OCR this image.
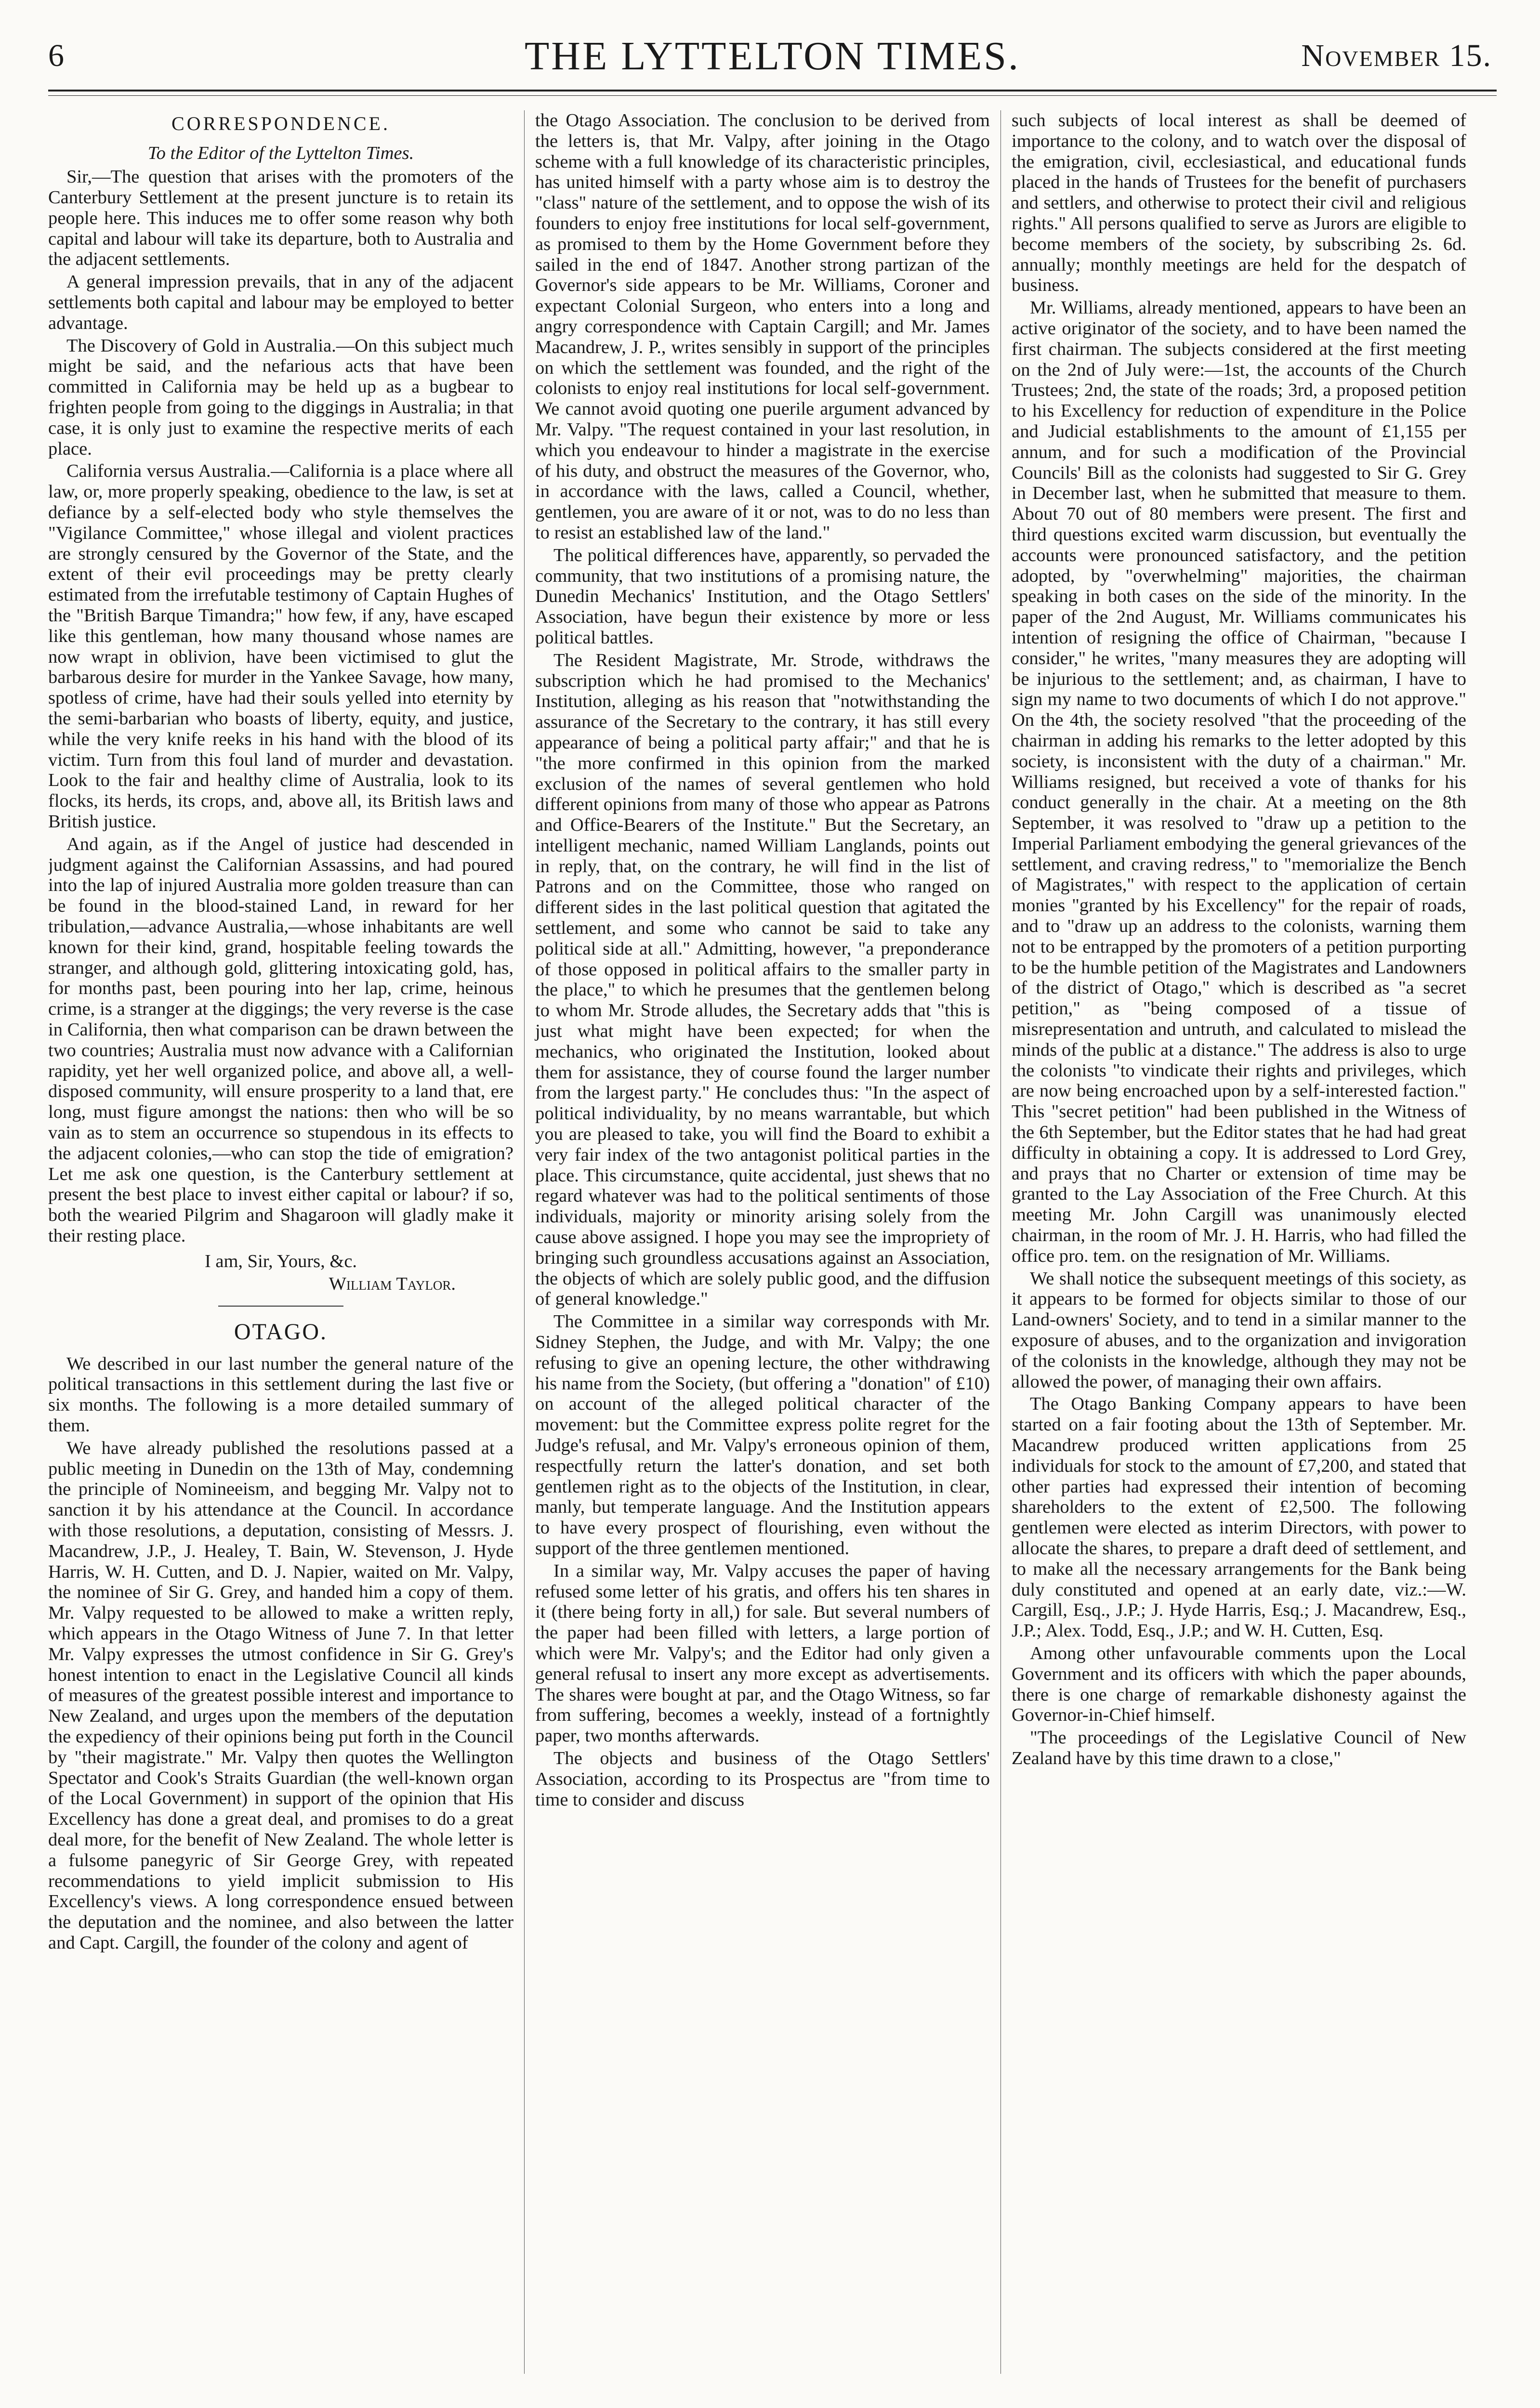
6	THE LYTTELTON TIMES.	November 15.
CORRESPONDENCE.
To the Editor of the Lyttelton Times.

Sir,—The question that arises with the promoters of the Canterbury Settlement at the present juncture is to retain its people here. This induces me to offer some reason why both capital and labour will take its departure, both to Australia and the adjacent settlements.

A general impression prevails, that in any of the adjacent settlements both capital and labour may be employed to better advantage.

The Discovery of Gold in Australia.—On this subject much might be said, and the nefarious acts that have been committed in California may be held up as a bugbear to frighten people from going to the diggings in Australia; in that case, it is only just to examine the respective merits of each place.

California versus Australia.—California is a place where all law, or, more properly speaking, obedience to the law, is set at defiance by a self-elected body who style themselves the "Vigilance Committee," whose illegal and violent practices are strongly censured by the Governor of the State, and the extent of their evil proceedings may be pretty clearly estimated from the irrefutable testimony of Captain Hughes of the "British Barque Timandra;" how few, if any, have escaped like this gentleman, how many thousand whose names are now wrapt in oblivion, have been victimised to glut the barbarous desire for murder in the Yankee Savage, how many, spotless of crime, have had their souls yelled into eternity by the semi-barbarian who boasts of liberty, equity, and justice, while the very knife reeks in his hand with the blood of its victim. Turn from this foul land of murder and devastation. Look to the fair and healthy clime of Australia, look to its flocks, its herds, its crops, and, above all, its British laws and British justice.

And again, as if the Angel of justice had descended in judgment against the Californian Assassins, and had poured into the lap of injured Australia more golden treasure than can be found in the blood-stained Land, in reward for her tribulation,—advance Australia,—whose inhabitants are well known for their kind, grand, hospitable feeling towards the stranger, and although gold, glittering intoxicating gold, has, for months past, been pouring into her lap, crime, heinous crime, is a stranger at the diggings; the very reverse is the case in California, then what comparison can be drawn between the two countries; Australia must now advance with a Californian rapidity, yet her well organized police, and above all, a well-disposed community, will ensure prosperity to a land that, ere long, must figure amongst the nations: then who will be so vain as to stem an occurrence so stupendous in its effects to the adjacent colonies,—who can stop the tide of emigration? Let me ask one question, is the Canterbury settlement at present the best place to invest either capital or labour? if so, both the wearied Pilgrim and Shagaroon will gladly make it their resting place.

I am, Sir, Yours, &c.
William Taylor.
OTAGO.

We described in our last number the general nature of the political transactions in this settlement during the last five or six months. The following is a more detailed summary of them.

We have already published the resolutions passed at a public meeting in Dunedin on the 13th of May, condemning the principle of Nomineeism, and begging Mr. Valpy not to sanction it by his attendance at the Council. In accordance with those resolutions, a deputation, consisting of Messrs. J. Macandrew, J.P., J. Healey, T. Bain, W. Stevenson, J. Hyde Harris, W. H. Cutten, and D. J. Napier, waited on Mr. Valpy, the nominee of Sir G. Grey, and handed him a copy of them. Mr. Valpy requested to be allowed to make a written reply, which appears in the Otago Witness of June 7. In that letter Mr. Valpy expresses the utmost confidence in Sir G. Grey's honest intention to enact in the Legislative Council all kinds of measures of the greatest possible interest and importance to New Zealand, and urges upon the members of the deputation the expediency of their opinions being put forth in the Council by "their magistrate." Mr. Valpy then quotes the Wellington Spectator and Cook's Straits Guardian (the well-known organ of the Local Government) in support of the opinion that His Excellency has done a great deal, and promises to do a great deal more, for the benefit of New Zealand. The whole letter is a fulsome panegyric of Sir George Grey, with repeated recommendations to yield implicit submission to His Excellency's views. A long correspondence ensued between the deputation and the nominee, and also between the latter and Capt. Cargill, the founder of the colony and agent of

the Otago Association. The conclusion to be derived from the letters is, that Mr. Valpy, after joining in the Otago scheme with a full knowledge of its characteristic principles, has united himself with a party whose aim is to destroy the "class" nature of the settlement, and to oppose the wish of its founders to enjoy free institutions for local self-government, as promised to them by the Home Government before they sailed in the end of 1847. Another strong partizan of the Governor's side appears to be Mr. Williams, Coroner and expectant Colonial Surgeon, who enters into a long and angry correspondence with Captain Cargill; and Mr. James Macandrew, J. P., writes sensibly in support of the principles on which the settlement was founded, and the right of the colonists to enjoy real institutions for local self-government. We cannot avoid quoting one puerile argument advanced by Mr. Valpy. "The request contained in your last resolution, in which you endeavour to hinder a magistrate in the exercise of his duty, and obstruct the measures of the Governor, who, in accordance with the laws, called a Council, whether, gentlemen, you are aware of it or not, was to do no less than to resist an established law of the land."

The political differences have, apparently, so pervaded the community, that two institutions of a promising nature, the Dunedin Mechanics' Institution, and the Otago Settlers' Association, have begun their existence by more or less political battles.

The Resident Magistrate, Mr. Strode, withdraws the subscription which he had promised to the Mechanics' Institution, alleging as his reason that "notwithstanding the assurance of the Secretary to the contrary, it has still every appearance of being a political party affair;" and that he is "the more confirmed in this opinion from the marked exclusion of the names of several gentlemen who hold different opinions from many of those who appear as Patrons and Office-Bearers of the Institute." But the Secretary, an intelligent mechanic, named William Langlands, points out in reply, that, on the contrary, he will find in the list of Patrons and on the Committee, those who ranged on different sides in the last political question that agitated the settlement, and some who cannot be said to take any political side at all." Admitting, however, "a preponderance of those opposed in political affairs to the smaller party in the place," to which he presumes that the gentlemen belong to whom Mr. Strode alludes, the Secretary adds that "this is just what might have been expected; for when the mechanics, who originated the Institution, looked about them for assistance, they of course found the larger number from the largest party." He concludes thus: "In the aspect of political individuality, by no means warrantable, but which you are pleased to take, you will find the Board to exhibit a very fair index of the two antagonist political parties in the place. This circumstance, quite accidental, just shews that no regard whatever was had to the political sentiments of those individuals, majority or minority arising solely from the cause above assigned. I hope you may see the impropriety of bringing such groundless accusations against an Association, the objects of which are solely public good, and the diffusion of general knowledge."

The Committee in a similar way corresponds with Mr. Sidney Stephen, the Judge, and with Mr. Valpy; the one refusing to give an opening lecture, the other withdrawing his name from the Society, (but offering a "donation" of £10) on account of the alleged political character of the movement: but the Committee express polite regret for the Judge's refusal, and Mr. Valpy's erroneous opinion of them, respectfully return the latter's donation, and set both gentlemen right as to the objects of the Institution, in clear, manly, but temperate language. And the Institution appears to have every prospect of flourishing, even without the support of the three gentlemen mentioned.

In a similar way, Mr. Valpy accuses the paper of having refused some letter of his gratis, and offers his ten shares in it (there being forty in all,) for sale. But several numbers of the paper had been filled with letters, a large portion of which were Mr. Valpy's; and the Editor had only given a general refusal to insert any more except as advertisements. The shares were bought at par, and the Otago Witness, so far from suffering, becomes a weekly, instead of a fortnightly paper, two months afterwards.

The objects and business of the Otago Settlers' Association, according to its Prospectus are "from time to time to consider and discuss

such subjects of local interest as shall be deemed of importance to the colony, and to watch over the disposal of the emigration, civil, ecclesiastical, and educational funds placed in the hands of Trustees for the benefit of purchasers and settlers, and otherwise to protect their civil and religious rights." All persons qualified to serve as Jurors are eligible to become members of the society, by subscribing 2s. 6d. annually; monthly meetings are held for the despatch of business.

Mr. Williams, already mentioned, appears to have been an active originator of the society, and to have been named the first chairman. The subjects considered at the first meeting on the 2nd of July were:—1st, the accounts of the Church Trustees; 2nd, the state of the roads; 3rd, a proposed petition to his Excellency for reduction of expenditure in the Police and Judicial establishments to the amount of £1,155 per annum, and for such a modification of the Provincial Councils' Bill as the colonists had suggested to Sir G. Grey in December last, when he submitted that measure to them. About 70 out of 80 members were present. The first and third questions excited warm discussion, but eventually the accounts were pronounced satisfactory, and the petition adopted, by "overwhelming" majorities, the chairman speaking in both cases on the side of the minority. In the paper of the 2nd August, Mr. Williams communicates his intention of resigning the office of Chairman, "because I consider," he writes, "many measures they are adopting will be injurious to the settlement; and, as chairman, I have to sign my name to two documents of which I do not approve." On the 4th, the society resolved "that the proceeding of the chairman in adding his remarks to the letter adopted by this society, is inconsistent with the duty of a chairman." Mr. Williams resigned, but received a vote of thanks for his conduct generally in the chair. At a meeting on the 8th September, it was resolved to "draw up a petition to the Imperial Parliament embodying the general grievances of the settlement, and craving redress," to "memorialize the Bench of Magistrates," with respect to the application of certain monies "granted by his Excellency" for the repair of roads, and to "draw up an address to the colonists, warning them not to be entrapped by the promoters of a petition purporting to be the humble petition of the Magistrates and Landowners of the district of Otago," which is described as "a secret petition," as "being composed of a tissue of misrepresentation and untruth, and calculated to mislead the minds of the public at a distance." The address is also to urge the colonists "to vindicate their rights and privileges, which are now being encroached upon by a self-interested faction." This "secret petition" had been published in the Witness of the 6th September, but the Editor states that he had had great difficulty in obtaining a copy. It is addressed to Lord Grey, and prays that no Charter or extension of time may be granted to the Lay Association of the Free Church. At this meeting Mr. John Cargill was unanimously elected chairman, in the room of Mr. J. H. Harris, who had filled the office pro. tem. on the resignation of Mr. Williams.

We shall notice the subsequent meetings of this society, as it appears to be formed for objects similar to those of our Land-owners' Society, and to tend in a similar manner to the exposure of abuses, and to the organization and invigoration of the colonists in the knowledge, although they may not be allowed the power, of managing their own affairs.

The Otago Banking Company appears to have been started on a fair footing about the 13th of September. Mr. Macandrew produced written applications from 25 individuals for stock to the amount of £7,200, and stated that other parties had expressed their intention of becoming shareholders to the extent of £2,500. The following gentlemen were elected as interim Directors, with power to allocate the shares, to prepare a draft deed of settlement, and to make all the necessary arrangements for the Bank being duly constituted and opened at an early date, viz.:—W. Cargill, Esq., J.P.; J. Hyde Harris, Esq.; J. Macandrew, Esq., J.P.; Alex. Todd, Esq., J.P.; and W. H. Cutten, Esq.

Among other unfavourable comments upon the Local Government and its officers with which the paper abounds, there is one charge of remarkable dishonesty against the Governor-in-Chief himself.

"The proceedings of the Legislative Council of New Zealand have by this time drawn to a close,"
